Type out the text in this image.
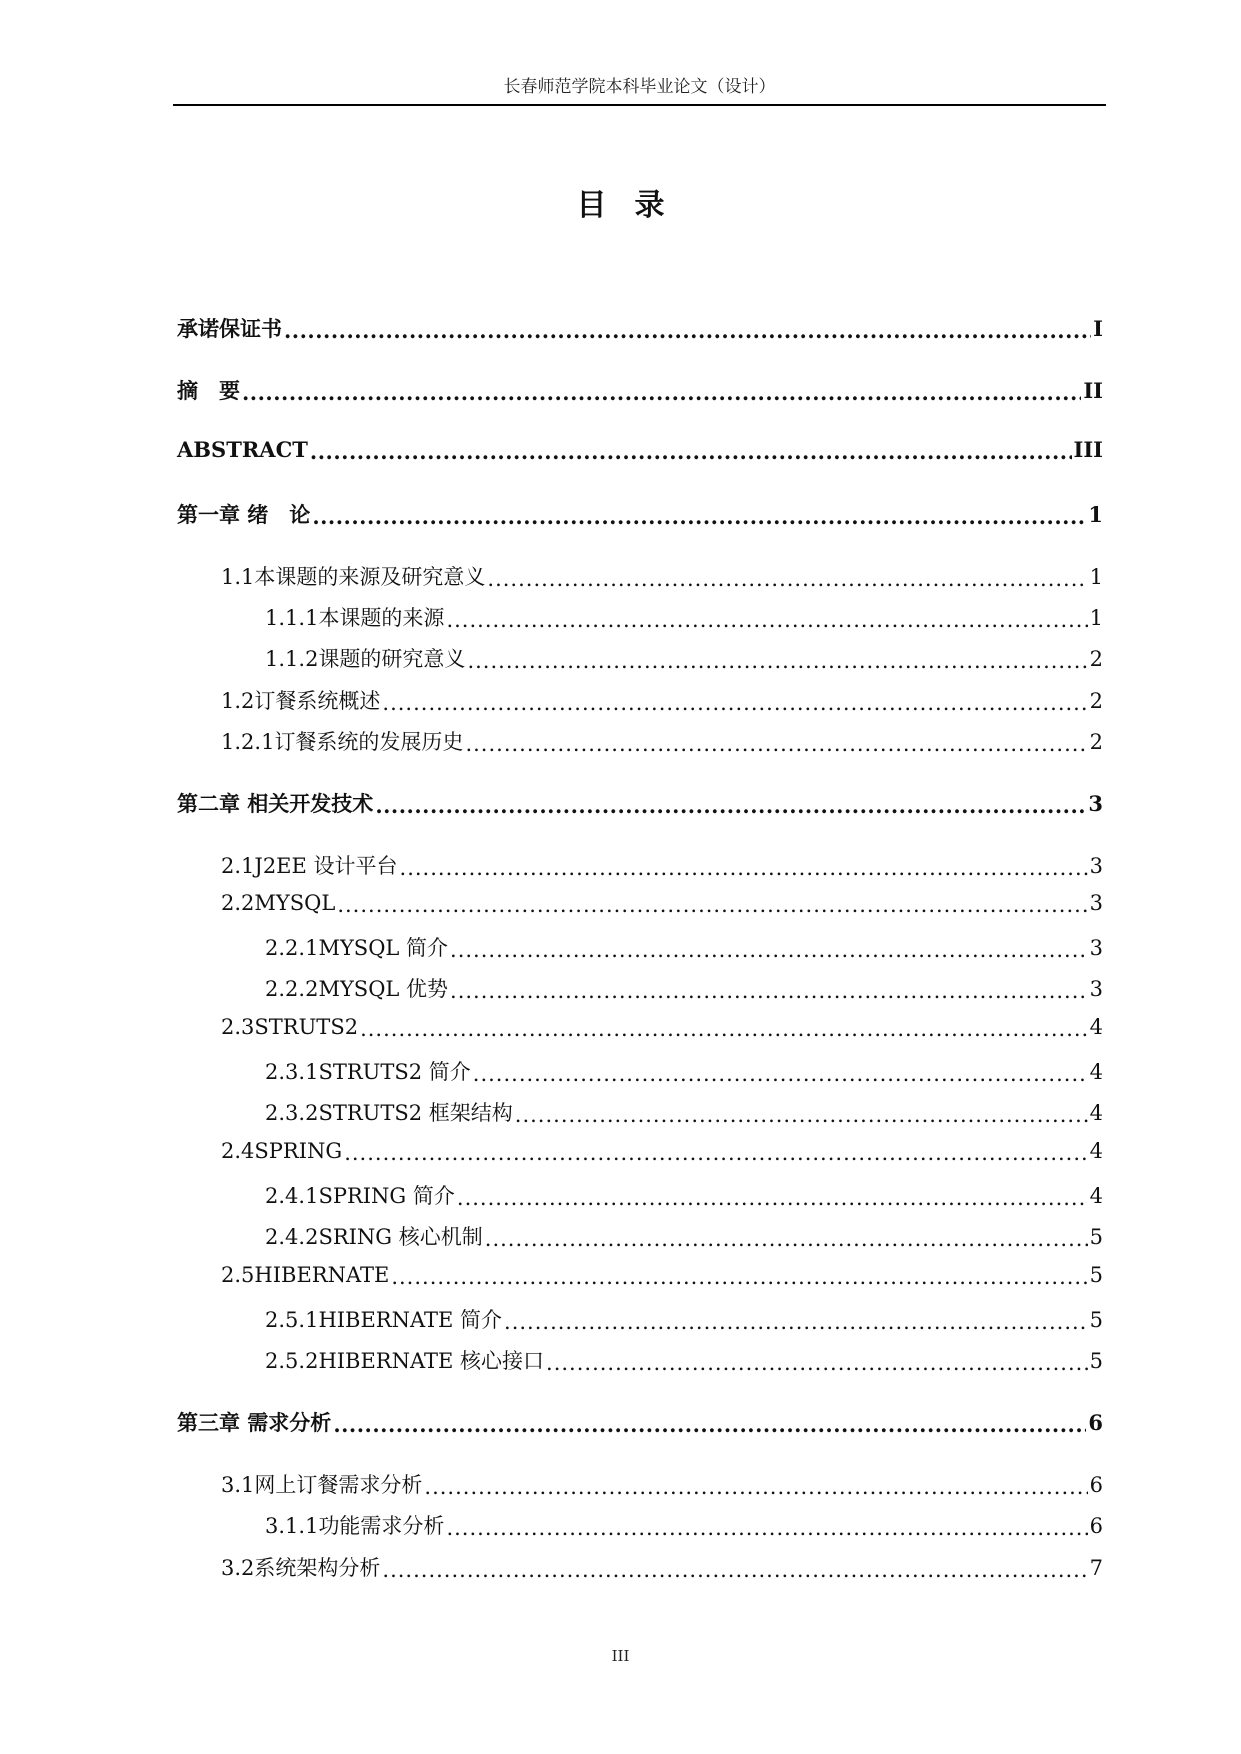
长春师范学院本科毕业论文（设计）
目录
承诺保证书 .....	I
摘　要 .....	II
ABSTRACT .....	III
第一章 绪　论 .....	1
1.1 本课题的来源及研究意义 .....	1
1.1.1 本课题的来源 .....	1
1.1.2 课题的研究意义 .....	2
1.2 订餐系统概述 .....	2
1.2.1 订餐系统的发展历史 .....	2
第二章 相关开发技术 .....	3
2.1 J2EE 设计平台 .....	3
2.2 MYSQL .....	3
2.2.1 MYSQL 简介 .....	3
2.2.2 MYSQL 优势 .....	3
2.3 STRUTS2 .....	4
2.3.1 STRUTS2 简介 .....	4
2.3.2 STRUTS2 框架结构 .....	4
2.4 SPRING .....	4
2.4.1 SPRING 简介 .....	4
2.4.2 SRING 核心机制 .....	5
2.5 HIBERNATE .....	5
2.5.1 HIBERNATE 简介 .....	5
2.5.2 HIBERNATE 核心接口 .....	5
第三章 需求分析 .....	6
3.1 网上订餐需求分析 .....	6
3.1.1 功能需求分析 .....	6
3.2 系统架构分析 .....	7
III
